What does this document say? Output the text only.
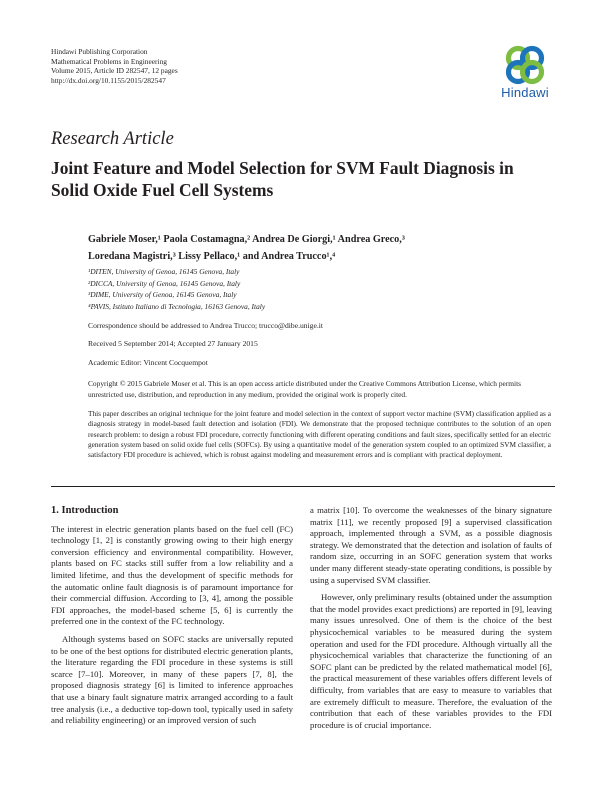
Hindawi Publishing Corporation
Mathematical Problems in Engineering
Volume 2015, Article ID 282547, 12 pages
http://dx.doi.org/10.1155/2015/282547
Hindawi
Research Article
Joint Feature and Model Selection for SVM Fault Diagnosis in Solid Oxide Fuel Cell Systems
Gabriele Moser,¹ Paola Costamagna,² Andrea De Giorgi,¹ Andrea Greco,³
Loredana Magistri,³ Lissy Pellaco,¹ and Andrea Trucco¹,⁴
¹DITEN, University of Genoa, 16145 Genova, Italy
²DICCA, University of Genoa, 16145 Genova, Italy
³DIME, University of Genoa, 16145 Genova, Italy
⁴PAVIS, Istituto Italiano di Tecnologia, 16163 Genova, Italy
Correspondence should be addressed to Andrea Trucco; trucco@dibe.unige.it
Received 5 September 2014; Accepted 27 January 2015
Academic Editor: Vincent Cocquempot
Copyright © 2015 Gabriele Moser et al. This is an open access article distributed under the Creative Commons Attribution License, which permits unrestricted use, distribution, and reproduction in any medium, provided the original work is properly cited.
This paper describes an original technique for the joint feature and model selection in the context of support vector machine (SVM) classification applied as a diagnosis strategy in model-based fault detection and isolation (FDI). We demonstrate that the proposed technique contributes to the solution of an open research problem: to design a robust FDI procedure, correctly functioning with different operating conditions and fault sizes, specifically settled for an electric generation system based on solid oxide fuel cells (SOFCs). By using a quantitative model of the generation system coupled to an optimized SVM classifier, a satisfactory FDI procedure is achieved, which is robust against modeling and measurement errors and is compliant with practical deployment.
1. Introduction

The interest in electric generation plants based on the fuel cell (FC) technology [1, 2] is constantly growing owing to their high energy conversion efficiency and environmental compatibility. However, plants based on FC stacks still suffer from a low reliability and a limited lifetime, and thus the development of specific methods for the automatic online fault diagnosis is of paramount importance for their commercial diffusion. According to [3, 4], among the possible FDI approaches, the model-based scheme [5, 6] is currently the preferred one in the context of the FC technology.

Although systems based on SOFC stacks are universally reputed to be one of the best options for distributed electric generation plants, the literature regarding the FDI procedure in these systems is still scarce [7–10]. Moreover, in many of these papers [7, 8], the proposed diagnosis strategy [6] is limited to inference approaches that use a binary fault signature matrix arranged according to a fault tree analysis (i.e., a deductive top-down tool, typically used in safety and reliability engineering) or an improved version of such

a matrix [10]. To overcome the weaknesses of the binary signature matrix [11], we recently proposed [9] a supervised classification approach, implemented through a SVM, as a possible diagnosis strategy. We demonstrated that the detection and isolation of faults of random size, occurring in an SOFC generation system that works under many different steady-state operating conditions, is possible by using a supervised SVM classifier.

However, only preliminary results (obtained under the assumption that the model provides exact predictions) are reported in [9], leaving many issues unresolved. One of them is the choice of the best physicochemical variables to be measured during the system operation and used for the FDI procedure. Although virtually all the physicochemical variables that characterize the functioning of an SOFC plant can be predicted by the related mathematical model [6], the practical measurement of these variables offers different levels of difficulty, from variables that are easy to measure to variables that are extremely difficult to measure. Therefore, the evaluation of the contribution that each of these variables provides to the FDI procedure is of crucial importance.
